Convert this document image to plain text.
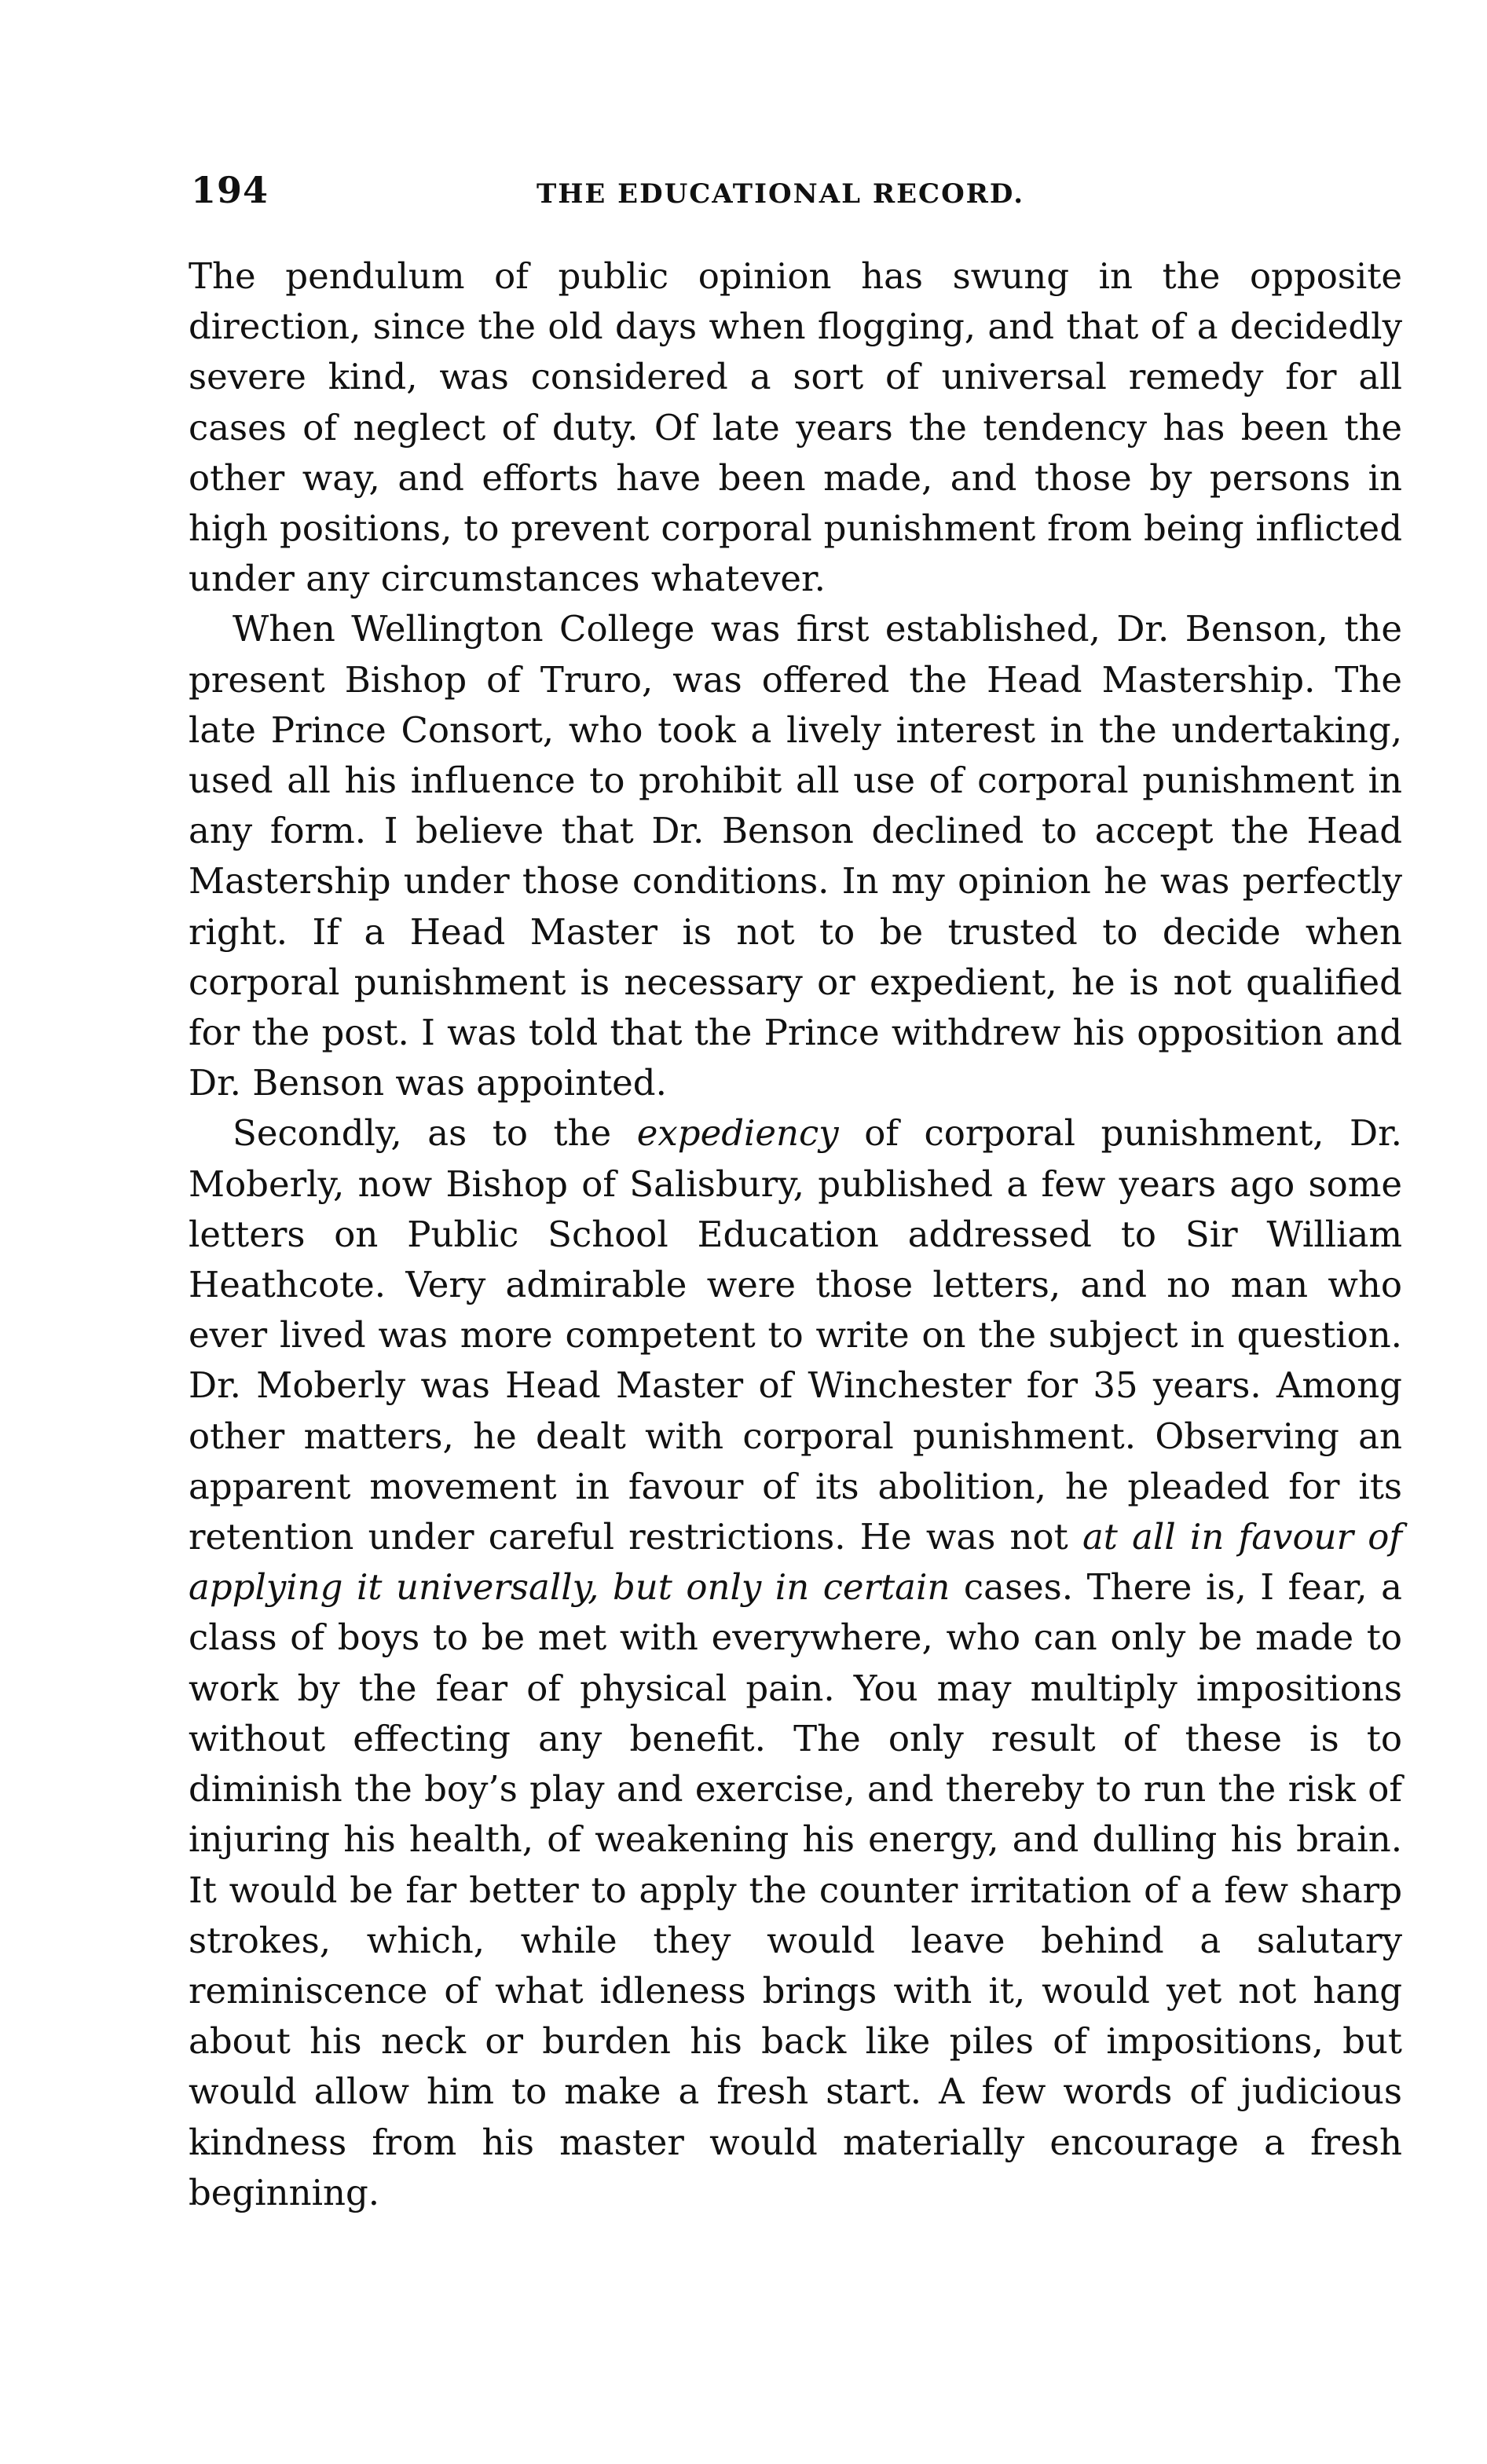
194	THE EDUCATIONAL RECORD.

The pendulum of public opinion has swung in the opposite direction, since the old days when flogging, and that of a decidedly severe kind, was considered a sort of universal remedy for all cases of neglect of duty. Of late years the tendency has been the other way, and efforts have been made, and those by persons in high positions, to prevent corporal punishment from being inflicted under any circumstances whatever.

When Wellington College was first established, Dr. Benson, the present Bishop of Truro, was offered the Head Mastership. The late Prince Consort, who took a lively interest in the undertaking, used all his influence to prohibit all use of corporal punishment in any form. I believe that Dr. Benson declined to accept the Head Mastership under those conditions. In my opinion he was perfectly right. If a Head Master is not to be trusted to decide when corporal punishment is necessary or expedient, he is not qualified for the post. I was told that the Prince withdrew his opposition and Dr. Benson was appointed.

Secondly, as to the expediency of corporal punishment, Dr. Moberly, now Bishop of Salisbury, published a few years ago some letters on Public School Education addressed to Sir William Heathcote. Very admirable were those letters, and no man who ever lived was more competent to write on the subject in question. Dr. Moberly was Head Master of Winchester for 35 years. Among other matters, he dealt with corporal punishment. Observing an apparent movement in favour of its abolition, he pleaded for its retention under careful restrictions. He was not at all in favour of applying it universally, but only in certain cases. There is, I fear, a class of boys to be met with everywhere, who can only be made to work by the fear of physical pain. You may multiply impositions without effecting any benefit. The only result of these is to diminish the boy’s play and exercise, and thereby to run the risk of injuring his health, of weakening his energy, and dulling his brain. It would be far better to apply the counter irritation of a few sharp strokes, which, while they would leave behind a salutary reminiscence of what idleness brings with it, would yet not hang about his neck or burden his back like piles of impositions, but would allow him to make a fresh start. A few words of judicious kindness from his master would materially encourage a fresh beginning.
